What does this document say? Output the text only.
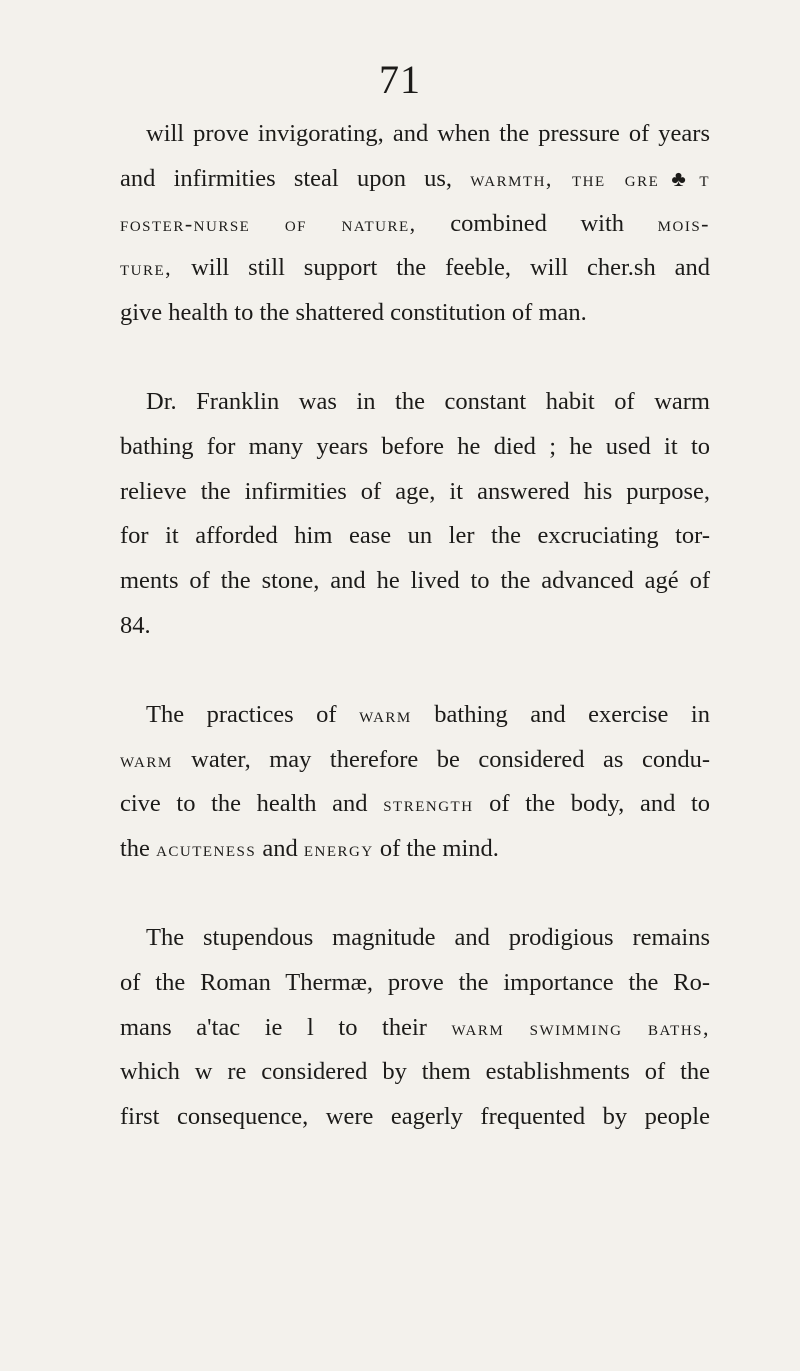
71
will prove invigorating, and when the pressure of years
and infirmities steal upon us, warmth, the gre♣t
foster-nurse of nature, combined with mois-
ture, will still support the feeble, will cher.sh and
give health to the shattered constitution of man.
Dr. Franklin was in the constant habit of warm
bathing for many years before he died ; he used it to
relieve the infirmities of age, it answered his purpose,
for it afforded him ease un ler the excruciating tor-
ments of the stone, and he lived to the advanced agé of
84.
The practices of warm bathing and exercise in
warm water, may therefore be considered as condu-
cive to the health and strength of the body, and to
the acuteness and energy of the mind.
The stupendous magnitude and prodigious remains
of the Roman Thermæ, prove the importance the Ro-
mans a'tac ie l to their warm swimming baths,
which w re considered by them establishments of the
first consequence, were eagerly frequented by people
